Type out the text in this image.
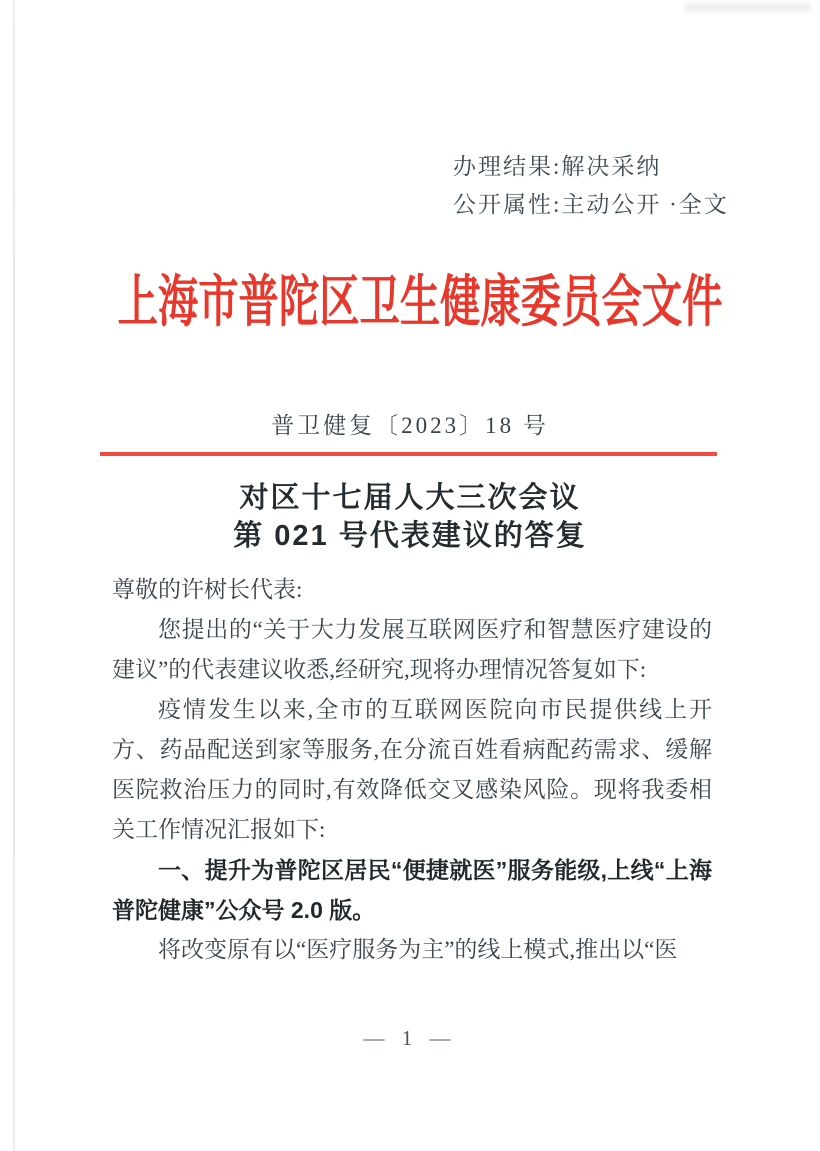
办理结果:解决采纳
公开属性:主动公开 ·全文
上海市普陀区卫生健康委员会文件
普卫健复〔2023〕18 号
对区十七届人大三次会议
第 021 号代表建议的答复

尊敬的许树长代表:

您提出的“关于大力发展互联网医疗和智慧医疗建设的建议”的代表建议收悉,经研究,现将办理情况答复如下:

疫情发生以来,全市的互联网医院向市民提供线上开方、药品配送到家等服务,在分流百姓看病配药需求、缓解医院救治压力的同时,有效降低交叉感染风险。现将我委相关工作情况汇报如下:

一、提升为普陀区居民“便捷就医”服务能级,上线“上海普陀健康”公众号 2.0 版。

将改变原有以“医疗服务为主”的线上模式,推出以“医

— 1 —
